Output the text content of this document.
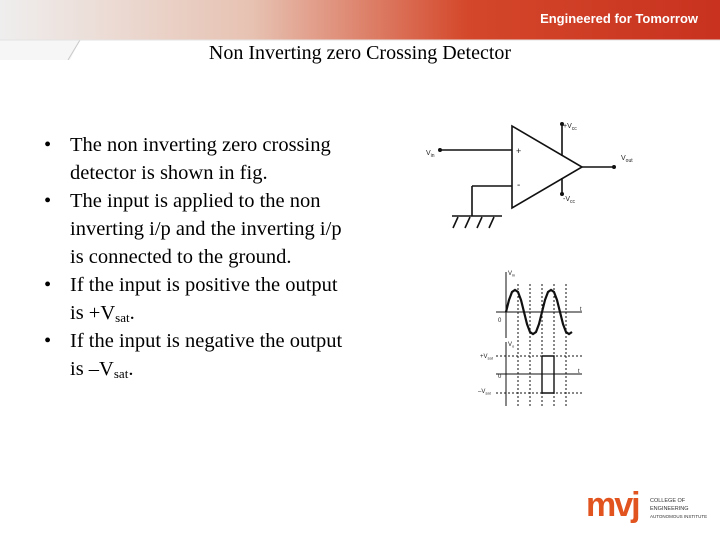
Engineered for Tomorrow
Non Inverting zero Crossing Detector
• The non inverting zero crossing detector is shown in fig.
• The input is applied to the non inverting i/p and the inverting i/p is connected to the ground.
• If the input is positive the output is $+V_{sat}$.
• If the input is negative the output is $-V_{sat}$.
$V_{in}$	+
-
$+V_{cc}$
$-V_{cc}$
$V_{out}$
$V_{in}$
0
t
$V_o$
$+V_{sat}$
0
$-V_{sat}$
t
mvj COLLEGE OF
ENGINEERING
AUTONOMOUS INSTITUTE
